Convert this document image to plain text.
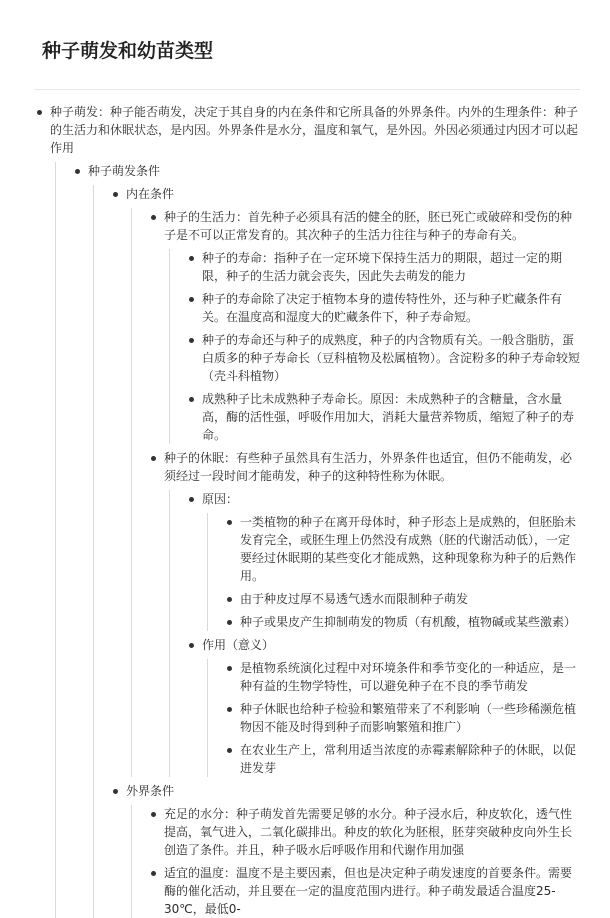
种子萌发和幼苗类型
种子萌发：种子能否萌发，决定于其自身的内在条件和它所具备的外界条件。内外的生理条件：种子的生活力和休眠状态，是内因。外界条件是水分，温度和氧气，是外因。外因必须通过内因才可以起作用
种子萌发条件
内在条件
种子的生活力：首先种子必须具有活的健全的胚，胚已死亡或破碎和受伤的种子是不可以正常发育的。其次种子的生活力往往与种子的寿命有关。
种子的寿命：指种子在一定环境下保持生活力的期限，超过一定的期限，种子的生活力就会丧失，因此失去萌发的能力
种子的寿命除了决定于植物本身的遗传特性外，还与种子贮藏条件有关。在温度高和湿度大的贮藏条件下，种子寿命短。
种子的寿命还与种子的成熟度，种子的内含物质有关。一般含脂肪，蛋白质多的种子寿命长（豆科植物及松属植物）。含淀粉多的种子寿命较短（壳斗科植物）
成熟种子比未成熟种子寿命长。原因：未成熟种子的含糖量，含水量高，酶的活性强，呼吸作用加大，消耗大量营养物质，缩短了种子的寿命。
种子的休眠：有些种子虽然具有生活力，外界条件也适宜，但仍不能萌发，必须经过一段时间才能萌发，种子的这种特性称为休眠。
原因：
一类植物的种子在离开母体时，种子形态上是成熟的，但胚胎未发育完全，或胚生理上仍然没有成熟（胚的代谢活动低），一定要经过休眠期的某些变化才能成熟，这种现象称为种子的后熟作用。
由于种皮过厚不易透气透水而限制种子萌发
种子或果皮产生抑制萌发的物质（有机酸，植物碱或某些激素）
作用（意义）
是植物系统演化过程中对环境条件和季节变化的一种适应，是一种有益的生物学特性，可以避免种子在不良的季节萌发
种子休眠也给种子检验和繁殖带来了不利影响（一些珍稀濒危植物因不能及时得到种子而影响繁殖和推广）
在农业生产上，常利用适当浓度的赤霉素解除种子的休眠，以促进发芽
外界条件
充足的水分：种子萌发首先需要足够的水分。种子浸水后，种皮软化，透气性提高，氧气进入，二氧化碳排出。种皮的软化为胚根，胚芽突破种皮向外生长创造了条件。并且，种子吸水后呼吸作用和代谢作用加强
适宜的温度：温度不是主要因素，但也是决定种子萌发速度的首要条件。需要酶的催化活动，并且要在一定的温度范围内进行。种子萌发最适合温度25-30℃，最低0-
